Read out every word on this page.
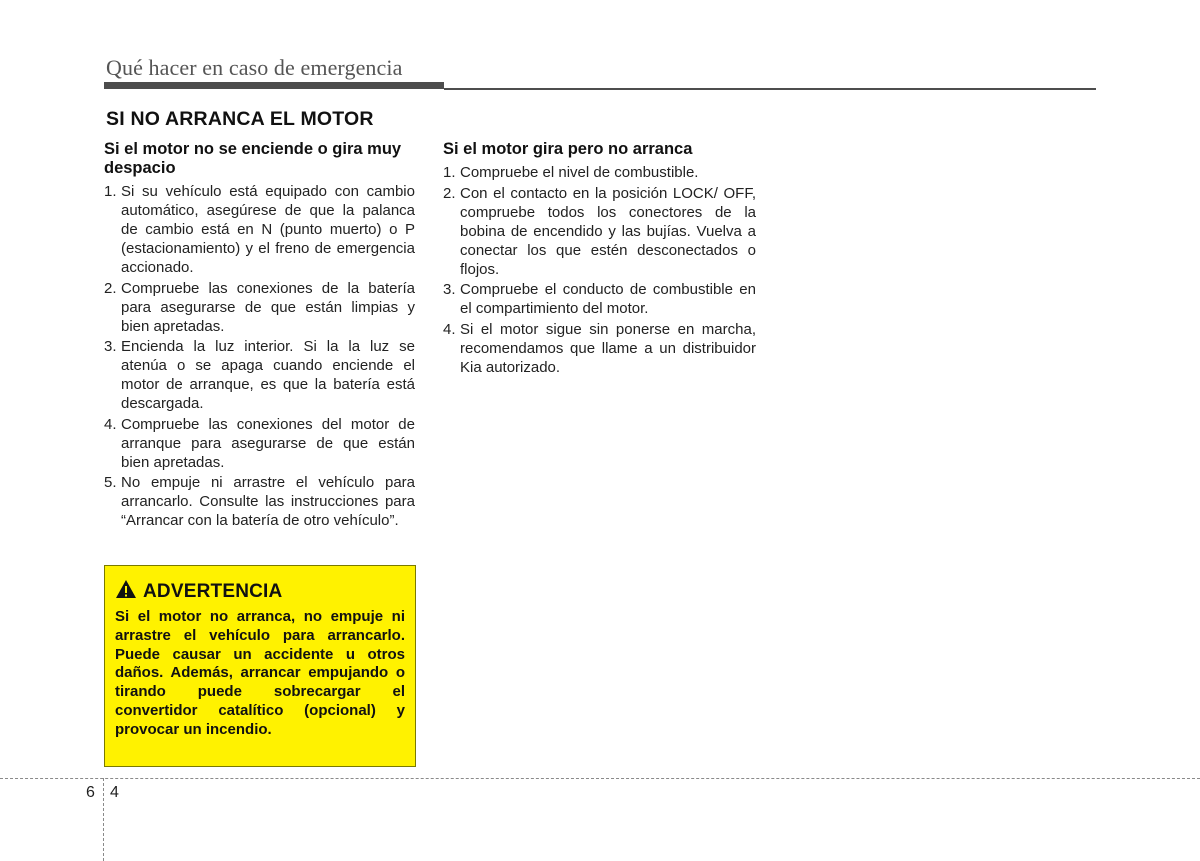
Qué hacer en caso de emergencia
SI NO ARRANCA EL MOTOR
Si el motor no se enciende o gira muy despacio
1. Si su vehículo está equipado con cambio automático, asegúrese de que la palanca de cambio está en N (punto muerto) o P (estacionamiento) y el freno de emergencia accionado.
2. Compruebe las conexiones de la batería para asegurarse de que están limpias y bien apretadas.
3. Encienda la luz interior. Si la la luz se atenúa o se apaga cuando enciende el motor de arranque, es que la batería está descargada.
4. Compruebe las conexiones del motor de arranque para asegurarse de que están bien apretadas.
5. No empuje ni arrastre el vehículo para arrancarlo. Consulte las instrucciones para “Arrancar con la batería de otro vehículo”.
Si el motor gira pero no arranca
1. Compruebe el nivel de combustible.
2. Con el contacto en la posición LOCK/ OFF, compruebe todos los conectores de la bobina de encendido y las bujías. Vuelva a conectar los que estén desconectados o flojos.
3. Compruebe el conducto de combustible en el compartimiento del motor.
4. Si el motor sigue sin ponerse en marcha, recomendamos que llame a un distribuidor Kia autorizado.
ADVERTENCIA
Si el motor no arranca, no empuje ni arrastre el vehículo para arrancarlo. Puede causar un accidente u otros daños. Además, arrancar empujando o tirando puede sobrecargar el convertidor catalítico (opcional) y provocar un incendio.
6 4
